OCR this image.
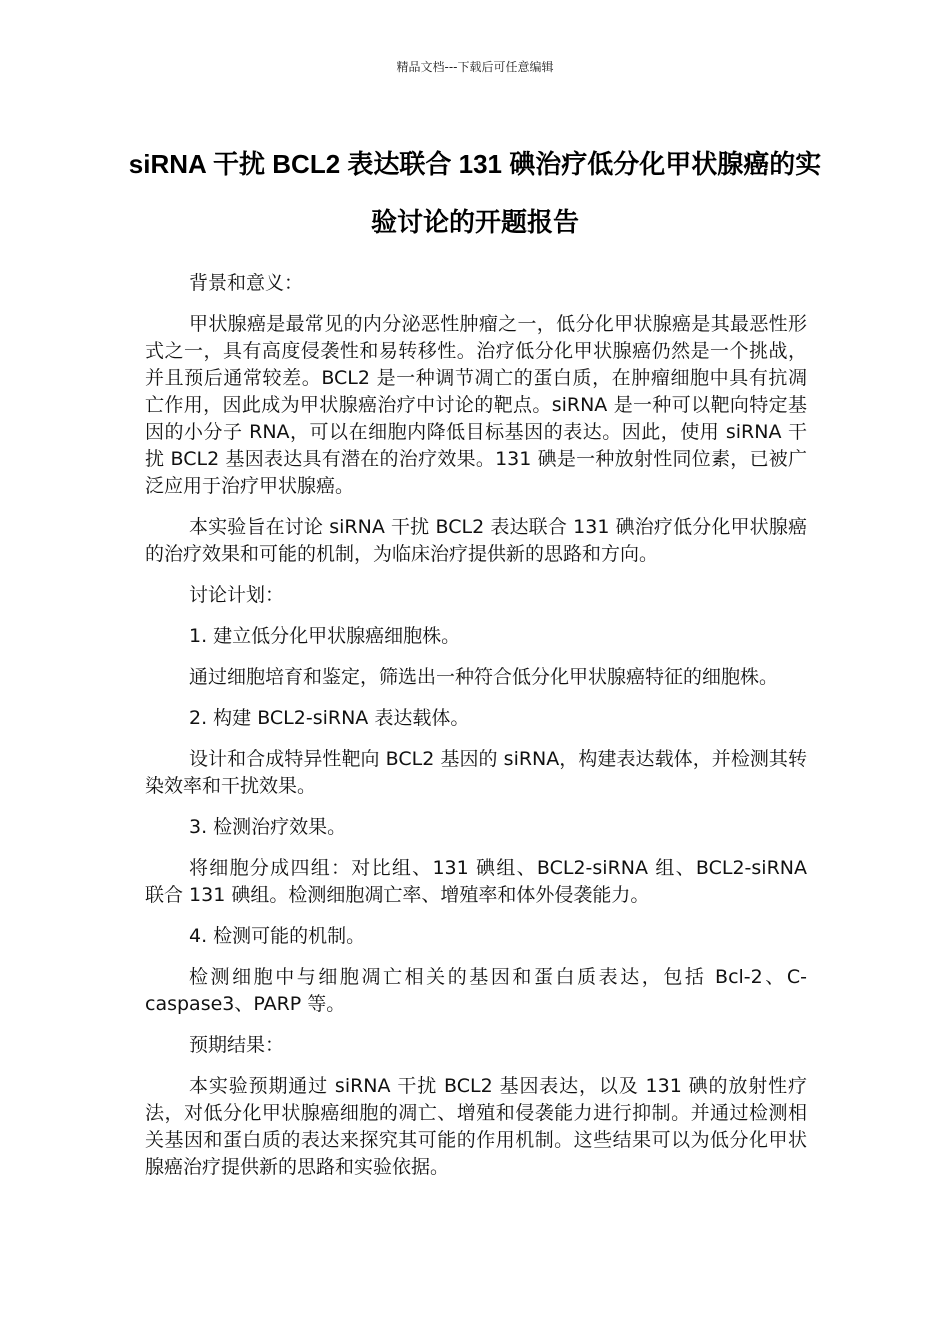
精品文档---下载后可任意编辑
siRNA 干扰 BCL2 表达联合 131 碘治疗低分化甲状腺癌的实验讨论的开题报告

背景和意义：

甲状腺癌是最常见的内分泌恶性肿瘤之一，低分化甲状腺癌是其最恶性形式之一，具有高度侵袭性和易转移性。治疗低分化甲状腺癌仍然是一个挑战，并且预后通常较差。BCL2 是一种调节凋亡的蛋白质，在肿瘤细胞中具有抗凋亡作用，因此成为甲状腺癌治疗中讨论的靶点。siRNA 是一种可以靶向特定基因的小分子 RNA，可以在细胞内降低目标基因的表达。因此，使用 siRNA 干扰 BCL2 基因表达具有潜在的治疗效果。131 碘是一种放射性同位素，已被广泛应用于治疗甲状腺癌。

本实验旨在讨论 siRNA 干扰 BCL2 表达联合 131 碘治疗低分化甲状腺癌的治疗效果和可能的机制，为临床治疗提供新的思路和方向。

讨论计划：

1. 建立低分化甲状腺癌细胞株。

通过细胞培育和鉴定，筛选出一种符合低分化甲状腺癌特征的细胞株。

2. 构建 BCL2-siRNA 表达载体。

设计和合成特异性靶向 BCL2 基因的 siRNA，构建表达载体，并检测其转染效率和干扰效果。

3. 检测治疗效果。

将细胞分成四组：对比组、131 碘组、BCL2-siRNA 组、BCL2-siRNA 联合 131 碘组。检测细胞凋亡率、增殖率和体外侵袭能力。

4. 检测可能的机制。

检测细胞中与细胞凋亡相关的基因和蛋白质表达，包括 Bcl-2、C-caspase3、PARP 等。

预期结果：

本实验预期通过 siRNA 干扰 BCL2 基因表达，以及 131 碘的放射性疗法，对低分化甲状腺癌细胞的凋亡、增殖和侵袭能力进行抑制。并通过检测相关基因和蛋白质的表达来探究其可能的作用机制。这些结果可以为低分化甲状腺癌治疗提供新的思路和实验依据。
